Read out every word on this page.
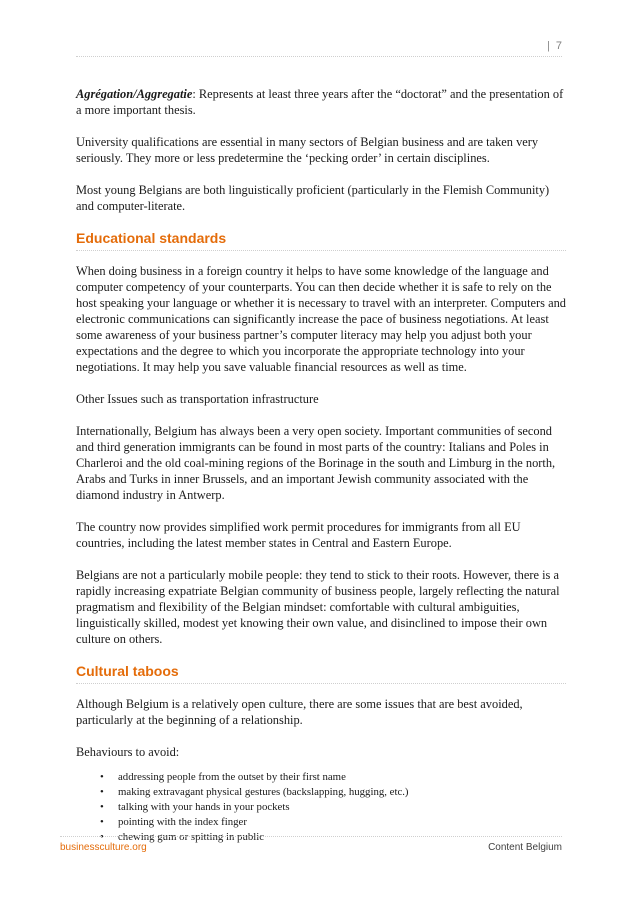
| 7

Agrégation/Aggregatie: Represents at least three years after the “doctorat” and the presentation of a more important thesis.

University qualifications are essential in many sectors of Belgian business and are taken very seriously. They more or less predetermine the ‘pecking order’ in certain disciplines.

Most young Belgians are both linguistically proficient (particularly in the Flemish Community) and computer-literate.

Educational standards

When doing business in a foreign country it helps to have some knowledge of the language and computer competency of your counterparts. You can then decide whether it is safe to rely on the host speaking your language or whether it is necessary to travel with an interpreter. Computers and electronic communications can significantly increase the pace of business negotiations. At least some awareness of your business partner’s computer literacy may help you adjust both your expectations and the degree to which you incorporate the appropriate technology into your negotiations. It may help you save valuable financial resources as well as time.

Other Issues such as transportation infrastructure

Internationally, Belgium has always been a very open society. Important communities of second and third generation immigrants can be found in most parts of the country: Italians and Poles in Charleroi and the old coal-mining regions of the Borinage in the south and Limburg in the north, Arabs and Turks in inner Brussels, and an important Jewish community associated with the diamond industry in Antwerp.

The country now provides simplified work permit procedures for immigrants from all EU countries, including the latest member states in Central and Eastern Europe.

Belgians are not a particularly mobile people: they tend to stick to their roots. However, there is a rapidly increasing expatriate Belgian community of business people, largely reflecting the natural pragmatism and flexibility of the Belgian mindset: comfortable with cultural ambiguities, linguistically skilled, modest yet knowing their own value, and disinclined to impose their own culture on others.

Cultural taboos

Although Belgium is a relatively open culture, there are some issues that are best avoided, particularly at the beginning of a relationship.

Behaviours to avoid:

• addressing people from the outset by their first name
• making extravagant physical gestures (backslapping, hugging, etc.)
• talking with your hands in your pockets
• pointing with the index finger
• chewing gum or spitting in public
businessculture.org	Content Belgium
